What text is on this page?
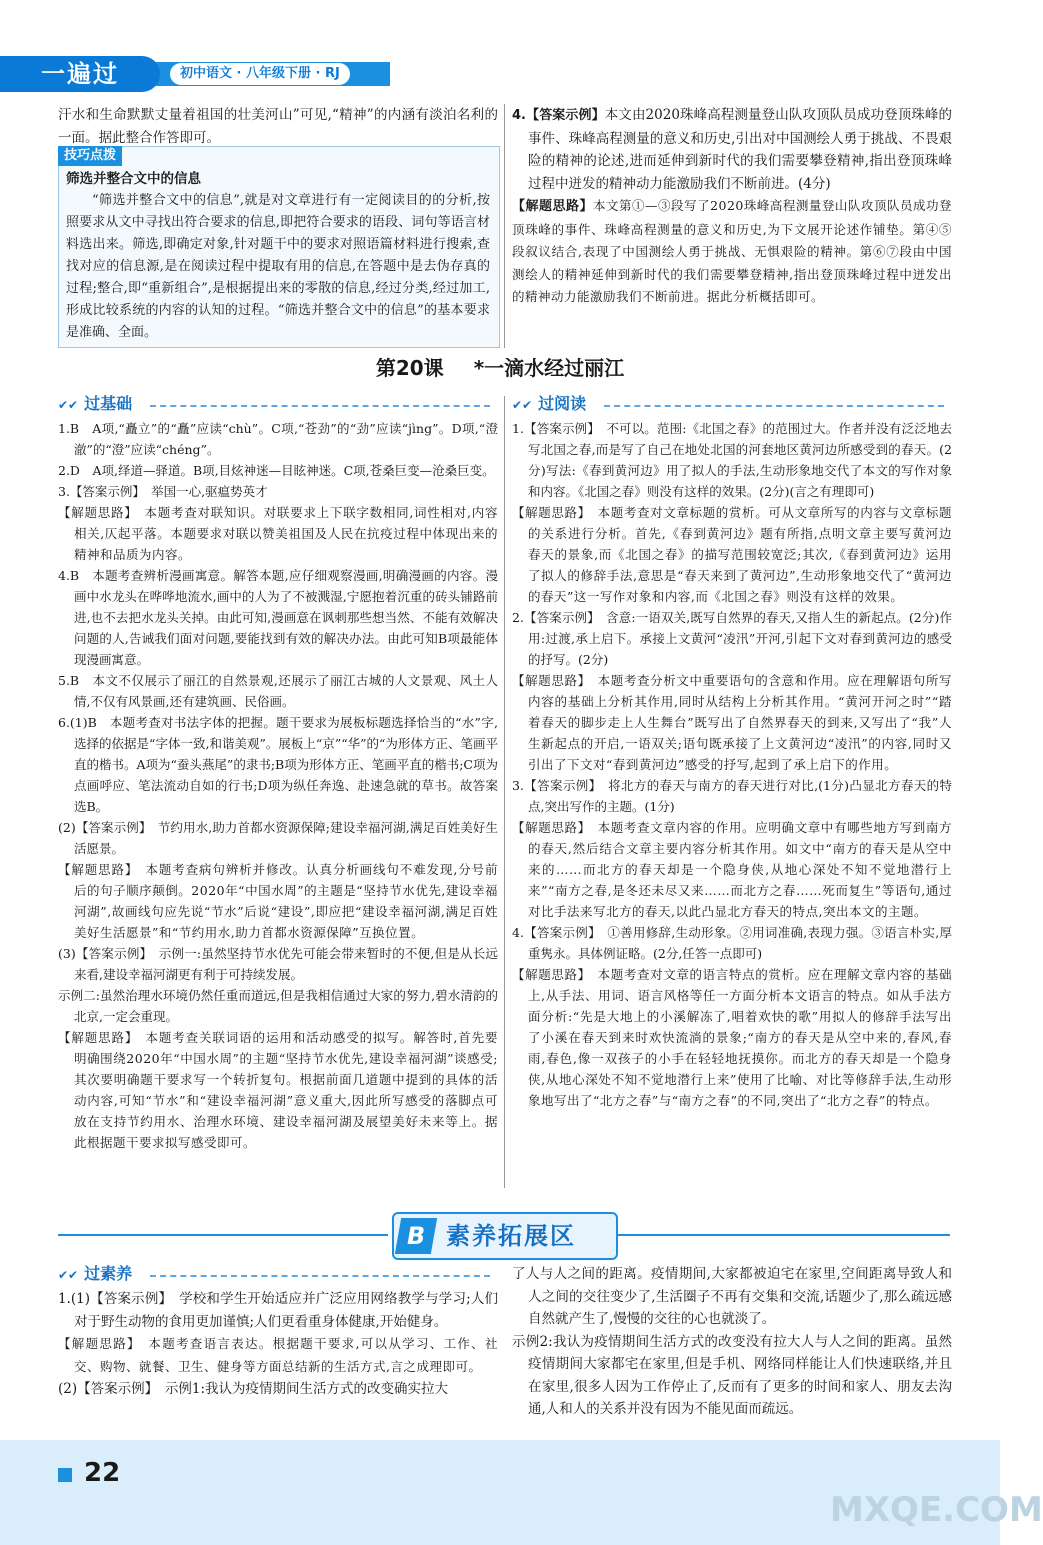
一遍过	初中语文 · 八年级下册 · RJ

汗水和生命默默丈量着祖国的壮美河山”可见,“精神”的内涵有淡泊名利的一面。据此整合作答即可。

技巧点拨

筛选并整合文中的信息

“筛选并整合文中的信息”,就是对文章进行有一定阅读目的的分析,按照要求从文中寻找出符合要求的信息,即把符合要求的语段、词句等语言材料选出来。筛选,即确定对象,针对题干中的要求对照语篇材料进行搜索,查找对应的信息源,是在阅读过程中提取有用的信息,在答题中是去伪存真的过程;整合,即“重新组合”,是根据提出来的零散的信息,经过分类,经过加工,形成比较系统的内容的认知的过程。“筛选并整合文中的信息”的基本要求是准确、全面。

4.【答案示例】本文由2020珠峰高程测量登山队攻顶队员成功登顶珠峰的事件、珠峰高程测量的意义和历史,引出对中国测绘人勇于挑战、不畏艰险的精神的论述,进而延伸到新时代的我们需要攀登精神,指出登顶珠峰过程中迸发的精神动力能激励我们不断前进。(4分)

【解题思路】本文第①—③段写了2020珠峰高程测量登山队攻顶队员成功登顶珠峰的事件、珠峰高程测量的意义和历史,为下文展开论述作铺垫。第④⑤段叙议结合,表现了中国测绘人勇于挑战、无惧艰险的精神。第⑥⑦段由中国测绘人的精神延伸到新时代的我们需要攀登精神,指出登顶珠峰过程中迸发出的精神动力能激励我们不断前进。据此分析概括即可。

第20课 *一滴水经过丽江
✔✔ 过基础	✔✔ 过阅读

1.B　A项,“矗立”的“矗”应读“chù”。C项,“苍劲”的“劲”应读“jìng”。D项,“澄澈”的“澄”应读“chéng”。

2.D　A项,绎道—驿道。B项,目炫神迷—目眩神迷。C项,苍桑巨变—沧桑巨变。

3.【答案示例】　举国一心,驱瘟势英才

【解题思路】　本题考查对联知识。对联要求上下联字数相同,词性相对,内容相关,仄起平落。本题要求对联以赞美祖国及人民在抗疫过程中体现出来的精神和品质为内容。

4.B　本题考查辨析漫画寓意。解答本题,应仔细观察漫画,明确漫画的内容。漫画中水龙头在哗哗地流水,画中的人为了不被溅湿,宁愿抱着沉重的砖头铺路前进,也不去把水龙头关掉。由此可知,漫画意在讽刺那些想当然、不能有效解决问题的人,告诫我们面对问题,要能找到有效的解决办法。由此可知B项最能体现漫画寓意。

5.B　本文不仅展示了丽江的自然景观,还展示了丽江古城的人文景观、风土人情,不仅有风景画,还有建筑画、民俗画。

6.(1)B　本题考查对书法字体的把握。题干要求为展板标题选择恰当的“水”字,选择的依据是“字体一致,和谐美观”。展板上“京”“华”的“为形体方正、笔画平直的楷书。A项为“蚕头燕尾”的隶书;B项为形体方正、笔画平直的楷书;C项为点画呼应、笔法流动自如的行书;D项为纵任奔逸、赴速急就的草书。故答案选B。

(2)【答案示例】　节约用水,助力首都水资源保障;建设幸福河湖,满足百姓美好生活愿景。

【解题思路】　本题考查病句辨析并修改。认真分析画线句不难发现,分号前后的句子顺序颠倒。2020年“中国水周”的主题是“坚持节水优先,建设幸福河湖”,故画线句应先说“节水”后说“建设”,即应把“建设幸福河湖,满足百姓美好生活愿景”和“节约用水,助力首都水资源保障”互换位置。

(3)【答案示例】　示例一:虽然坚持节水优先可能会带来暂时的不便,但是从长远来看,建设幸福河湖更有利于可持续发展。

示例二:虽然治理水环境仍然任重而道远,但是我相信通过大家的努力,碧水清韵的北京,一定会重现。

【解题思路】　本题考查关联词语的运用和活动感受的拟写。解答时,首先要明确围绕2020年“中国水周”的主题“坚持节水优先,建设幸福河湖”谈感受;其次要明确题干要求写一个转折复句。根据前面几道题中提到的具体的活动内容,可知“节水”和“建设幸福河湖”意义重大,因此所写感受的落脚点可放在支持节约用水、治理水环境、建设幸福河湖及展望美好未来等上。据此根据题干要求拟写感受即可。

1.【答案示例】　不可以。范围:《北国之春》的范围过大。作者并没有泛泛地去写北国之春,而是写了自己在地处北国的河套地区黄河边所感受到的春天。(2分)写法:《春到黄河边》用了拟人的手法,生动形象地交代了本文的写作对象和内容。《北国之春》则没有这样的效果。(2分)(言之有理即可)

【解题思路】　本题考查对文章标题的赏析。可从文章所写的内容与文章标题的关系进行分析。首先,《春到黄河边》题有所指,点明文章主要写黄河边春天的景象,而《北国之春》的描写范围较宽泛;其次,《春到黄河边》运用了拟人的修辞手法,意思是“春天来到了黄河边”,生动形象地交代了“黄河边的春天”这一写作对象和内容,而《北国之春》则没有这样的效果。

2.【答案示例】　含意:一语双关,既写自然界的春天,又指人生的新起点。(2分)作用:过渡,承上启下。承接上文黄河“凌汛”开河,引起下文对春到黄河边的感受的抒写。(2分)

【解题思路】　本题考查分析文中重要语句的含意和作用。应在理解语句所写内容的基础上分析其作用,同时从结构上分析其作用。“黄河开河之时”“踏着春天的脚步走上人生舞台”既写出了自然界春天的到来,又写出了“我”人生新起点的开启,一语双关;语句既承接了上文黄河边“凌汛”的内容,同时又引出了下文对“春到黄河边”感受的抒写,起到了承上启下的作用。

3.【答案示例】　将北方的春天与南方的春天进行对比,(1分)凸显北方春天的特点,突出写作的主题。(1分)

【解题思路】　本题考查文章内容的作用。应明确文章中有哪些地方写到南方的春天,然后结合文章主要内容分析其作用。如文中“南方的春天是从空中来的……而北方的春天却是一个隐身侠,从地心深处不知不觉地潜行上来”“南方之春,是冬还未尽又来……而北方之春……死而复生”等语句,通过对比手法来写北方的春天,以此凸显北方春天的特点,突出本文的主题。

4.【答案示例】　①善用修辞,生动形象。②用词准确,表现力强。③语言朴实,厚重隽永。具体例证略。(2分,任答一点即可)

【解题思路】　本题考查对文章的语言特点的赏析。应在理解文章内容的基础上,从手法、用词、语言风格等任一方面分析本文语言的特点。如从手法方面分析:“先是大地上的小溪解冻了,唱着欢快的歌”用拟人的修辞手法写出了小溪在春天到来时欢快流淌的景象;“南方的春天是从空中来的,春风,春雨,春色,像一双孩子的小手在轻轻地抚摸你。而北方的春天却是一个隐身侠,从地心深处不知不觉地潜行上来”使用了比喻、对比等修辞手法,生动形象地写出了“北方之春”与“南方之春”的不同,突出了“北方之春”的特点。

B 素养拓展区
✔✔ 过素养

1.(1)【答案示例】　学校和学生开始适应并广泛应用网络教学与学习;人们对于野生动物的食用更加谨慎;人们更看重身体健康,开始健身。

【解题思路】　本题考查语言表达。根据题干要求,可以从学习、工作、社交、购物、就餐、卫生、健身等方面总结新的生活方式,言之成理即可。

(2)【答案示例】　示例1:我认为疫情期间生活方式的改变确实拉大

了人与人之间的距离。疫情期间,大家都被迫宅在家里,空间距离导致人和人之间的交往变少了,生活圈子不再有交集和交流,话题少了,那么疏远感自然就产生了,慢慢的交往的心也就淡了。

示例2:我认为疫情期间生活方式的改变没有拉大人与人之间的距离。虽然疫情期间大家都宅在家里,但是手机、网络同样能让人们快速联络,并且在家里,很多人因为工作停止了,反而有了更多的时间和家人、朋友去沟通,人和人的关系并没有因为不能见面而疏远。

22
MXQE.COM
